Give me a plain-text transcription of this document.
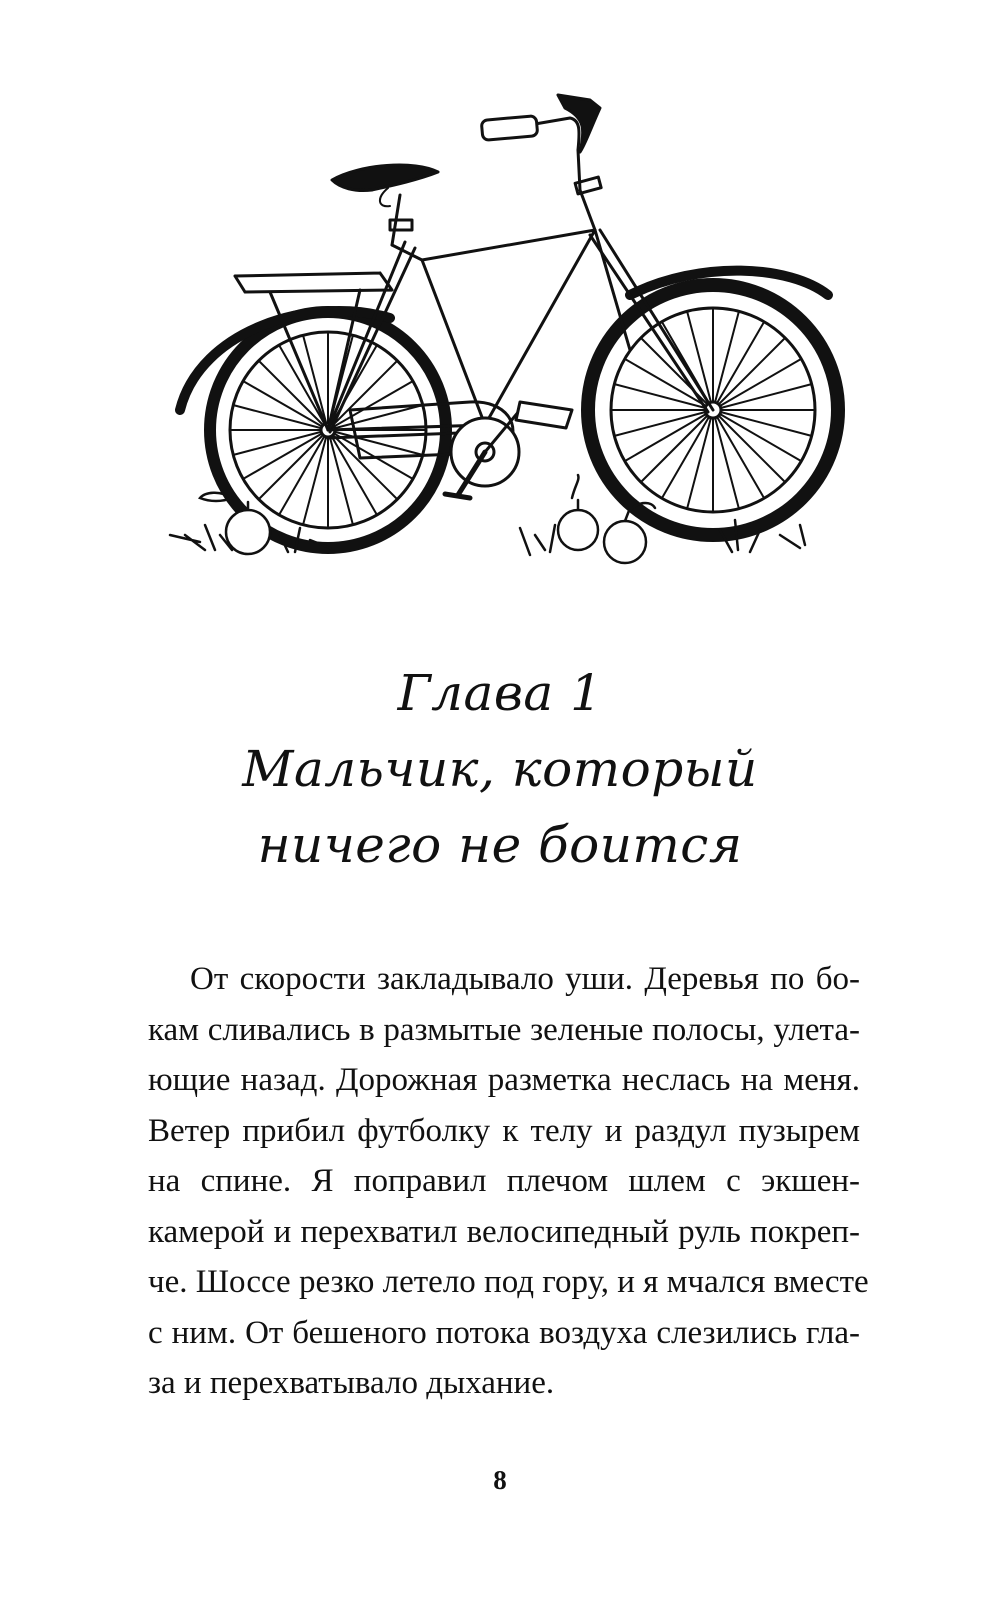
Глава 1
Мальчик, который
ничего не боится
От скорости закладывало уши. Деревья по бо-
кам сливались в размытые зеленые полосы, улета-
ющие назад. Дорожная разметка неслась на меня.
Ветер прибил футболку к телу и раздул пузырем
на спине. Я поправил плечом шлем с экшен-
камерой и перехватил велосипедный руль покреп-
че. Шоссе резко летело под гору, и я мчался вместе
с ним. От бешеного потока воздуха слезились гла-
за и перехватывало дыхание.
8
